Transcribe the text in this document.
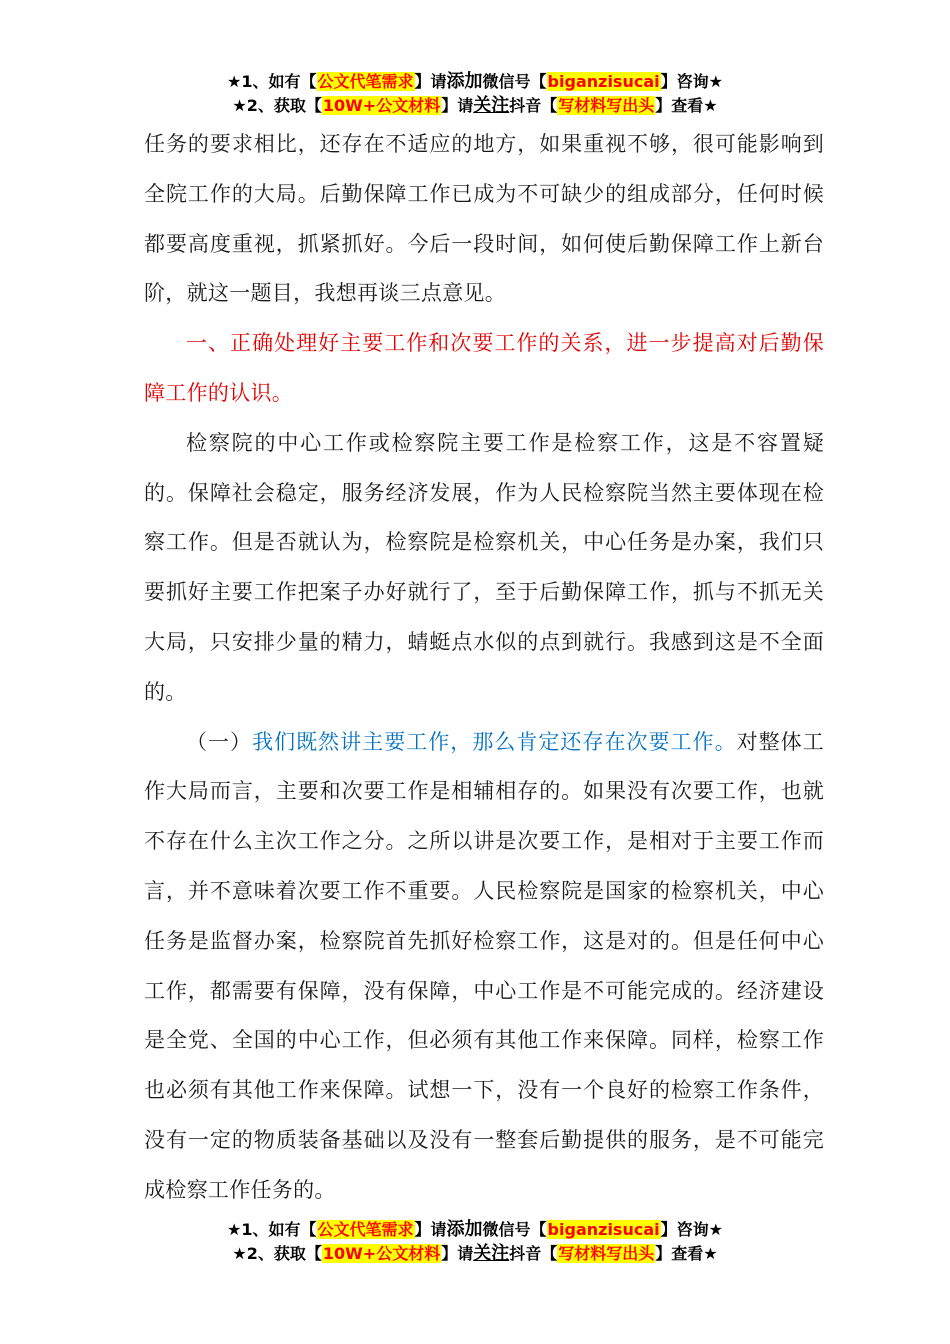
★1、如有【公文代笔需求】请添加微信号【biganzisucai】咨询★
★2、获取【10W+公文材料】请关注抖音【写材料写出头】查看★

任务的要求相比，还存在不适应的地方，如果重视不够，很可能影响到全院工作的大局。后勤保障工作已成为不可缺少的组成部分，任何时候都要高度重视，抓紧抓好。今后一段时间，如何使后勤保障工作上新台阶，就这一题目，我想再谈三点意见。

一、正确处理好主要工作和次要工作的关系，进一步提高对后勤保障工作的认识。

检察院的中心工作或检察院主要工作是检察工作，这是不容置疑的。保障社会稳定，服务经济发展，作为人民检察院当然主要体现在检察工作。但是否就认为，检察院是检察机关，中心任务是办案，我们只要抓好主要工作把案子办好就行了，至于后勤保障工作，抓与不抓无关大局，只安排少量的精力，蜻蜓点水似的点到就行。我感到这是不全面的。

（一）我们既然讲主要工作，那么肯定还存在次要工作。对整体工作大局而言，主要和次要工作是相辅相存的。如果没有次要工作，也就不存在什么主次工作之分。之所以讲是次要工作，是相对于主要工作而言，并不意味着次要工作不重要。人民检察院是国家的检察机关，中心任务是监督办案，检察院首先抓好检察工作，这是对的。但是任何中心工作，都需要有保障，没有保障，中心工作是不可能完成的。经济建设是全党、全国的中心工作，但必须有其他工作来保障。同样，检察工作也必须有其他工作来保障。试想一下，没有一个良好的检察工作条件，没有一定的物质装备基础以及没有一整套后勤提供的服务，是不可能完成检察工作任务的。

★1、如有【公文代笔需求】请添加微信号【biganzisucai】咨询★
★2、获取【10W+公文材料】请关注抖音【写材料写出头】查看★
